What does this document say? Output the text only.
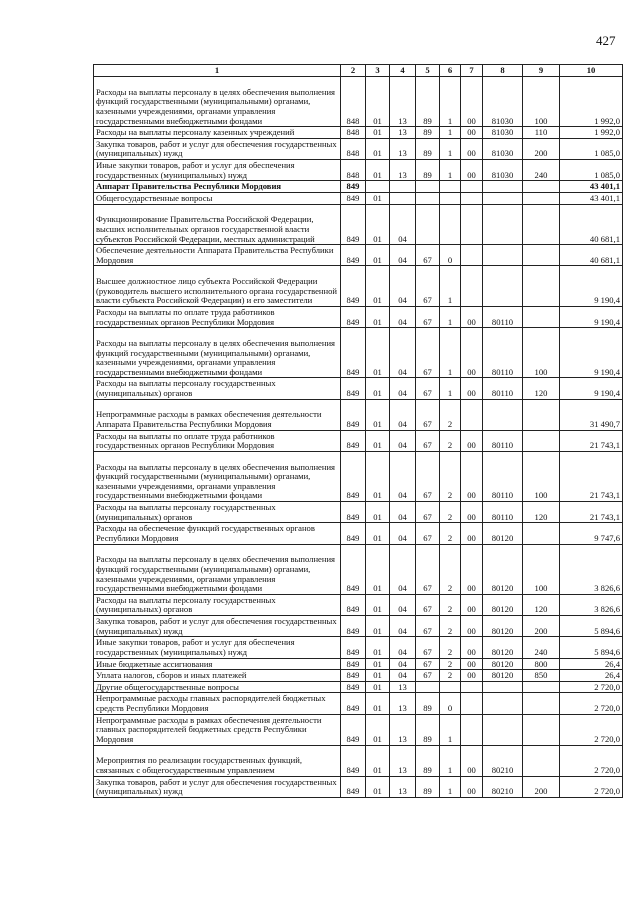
427
1	2	3	4	5	6	7	8	9	10
Расходы на выплаты персоналу в целях обеспечения выполнения функций государственными (муниципальными) органами, казенными учреждениями, органами управления государственными внебюджетными фондами	848	01	13	89	1	00	81030	100	1 992,0
Расходы на выплаты персоналу казенных учреждений	848	01	13	89	1	00	81030	110	1 992,0
Закупка товаров, работ и услуг для обеспечения государственных (муниципальных) нужд	848	01	13	89	1	00	81030	200	1 085,0
Иные закупки товаров, работ и услуг для обеспечения государственных (муниципальных) нужд	848	01	13	89	1	00	81030	240	1 085,0
Аппарат Правительства Республики Мордовия	849								43 401,1
Общегосударственные вопросы	849	01							43 401,1
Функционирование Правительства Российской Федерации, высших исполнительных органов государственной власти субъектов Российской Федерации, местных администраций	849	01	04						40 681,1
Обеспечение деятельности Аппарата Правительства Республики Мордовия	849	01	04	67	0				40 681,1
Высшее должностное лицо субъекта Российской Федерации (руководитель высшего исполнительного органа государственной власти субъекта Российской Федерации) и его заместители	849	01	04	67	1				9 190,4
Расходы на выплаты по оплате труда работников государственных органов Республики Мордовия	849	01	04	67	1	00	80110		9 190,4
Расходы на выплаты персоналу в целях обеспечения выполнения функций государственными (муниципальными) органами, казенными учреждениями, органами управления государственными внебюджетными фондами	849	01	04	67	1	00	80110	100	9 190,4
Расходы на выплаты персоналу государственных (муниципальных) органов	849	01	04	67	1	00	80110	120	9 190,4
Непрограммные расходы в рамках обеспечения деятельности Аппарата Правительства Республики Мордовия	849	01	04	67	2				31 490,7
Расходы на выплаты по оплате труда работников государственных органов Республики Мордовия	849	01	04	67	2	00	80110		21 743,1
Расходы на выплаты персоналу в целях обеспечения выполнения функций государственными (муниципальными) органами, казенными учреждениями, органами управления государственными внебюджетными фондами	849	01	04	67	2	00	80110	100	21 743,1
Расходы на выплаты персоналу государственных (муниципальных) органов	849	01	04	67	2	00	80110	120	21 743,1
Расходы на обеспечение функций государственных органов Республики Мордовия	849	01	04	67	2	00	80120		9 747,6
Расходы на выплаты персоналу в целях обеспечения выполнения функций государственными (муниципальными) органами, казенными учреждениями, органами управления государственными внебюджетными фондами	849	01	04	67	2	00	80120	100	3 826,6
Расходы на выплаты персоналу государственных (муниципальных) органов	849	01	04	67	2	00	80120	120	3 826,6
Закупка товаров, работ и услуг для обеспечения государственных (муниципальных) нужд	849	01	04	67	2	00	80120	200	5 894,6
Иные закупки товаров, работ и услуг для обеспечения государственных (муниципальных) нужд	849	01	04	67	2	00	80120	240	5 894,6
Иные бюджетные ассигнования	849	01	04	67	2	00	80120	800	26,4
Уплата налогов, сборов и иных платежей	849	01	04	67	2	00	80120	850	26,4
Другие общегосударственные вопросы	849	01	13						2 720,0
Непрограммные расходы главных распорядителей бюджетных средств Республики Мордовия	849	01	13	89	0				2 720,0
Непрограммные расходы в рамках обеспечения деятельности главных распорядителей бюджетных средств Республики Мордовия	849	01	13	89	1				2 720,0
Мероприятия по реализации государственных функций, связанных с общегосударственным управлением	849	01	13	89	1	00	80210		2 720,0
Закупка товаров, работ и услуг для обеспечения государственных (муниципальных) нужд	849	01	13	89	1	00	80210	200	2 720,0
